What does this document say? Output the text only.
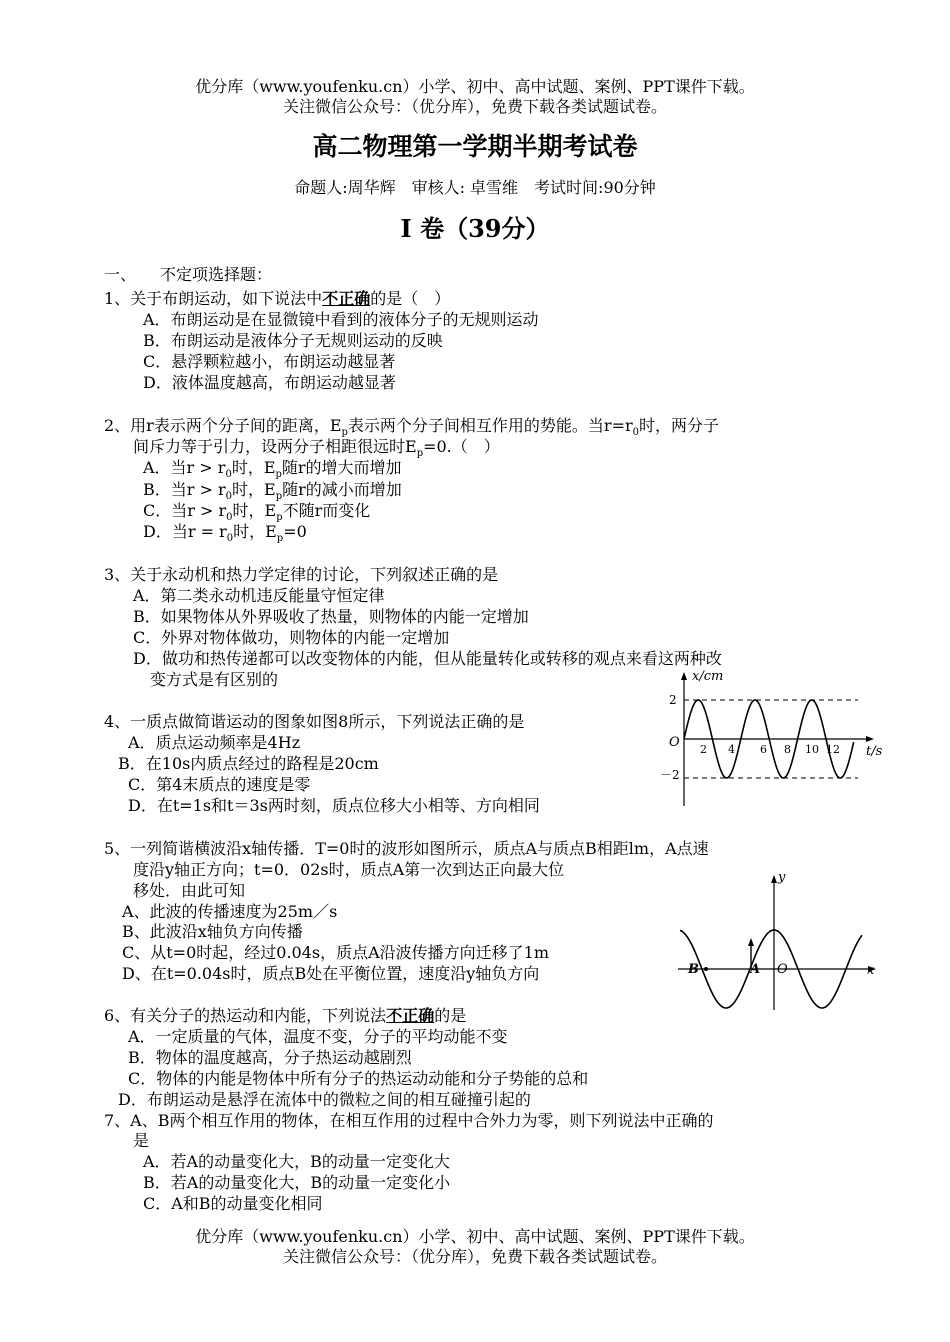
优分库（www.youfenku.cn）小学、初中、高中试题、案例、PPT课件下载。
关注微信公众号：（优分库），免费下载各类试题试卷。
高二物理第一学期半期考试卷
命题人:周华辉　审核人: 卓雪维　考试时间:90分钟
Ⅰ 卷（39分）
一、　　不定项选择题：
1、关于布朗运动，如下说法中不正确的是（　）
A．布朗运动是在显微镜中看到的液体分子的无规则运动
B．布朗运动是液体分子无规则运动的反映
C．悬浮颗粒越小，布朗运动越显著
D．液体温度越高，布朗运动越显著
2、用r表示两个分子间的距离，$E_p$表示两个分子间相互作用的势能。当$r=r_0$时，两分子
间斥力等于引力，设两分子相距很远时$E_p=0$.（　）
A．当$r > r_0$时，$E_p$随r的增大而增加
B．当$r > r_0$时，$E_p$随r的减小而增加
C．当$r > r_0$时，$E_p$不随r而变化
D．当$r = r_0$时，$E_p=0$
3、关于永动机和热力学定律的讨论，下列叙述正确的是
A．第二类永动机违反能量守恒定律
B．如果物体从外界吸收了热量，则物体的内能一定增加
C．外界对物体做功，则物体的内能一定增加
D．做功和热传递都可以改变物体的内能，但从能量转化或转移的观点来看这两种改
变方式是有区别的
4、一质点做简谐运动的图象如图8所示，下列说法正确的是
A．质点运动频率是4Hz
B．在10s内质点经过的路程是20cm
C．第4末质点的速度是零
D．在t=1s和t＝3s两时刻，质点位移大小相等、方向相同
x/cm
t/s
O
2
－2
2 4 6 8 10 12
5、一列简谐横波沿x轴传播．T=0时的波形如图所示，质点A与质点B相距lm，A点速
度沿y轴正方向；t=0．02s时，质点A第一次到达正向最大位
移处．由此可知
A、此波的传播速度为25m／s
B、此波沿x轴负方向传播
C、从t=0时起，经过0.04s，质点A沿波传播方向迁移了1m
D、在t=0.04s时，质点B处在平衡位置，速度沿y轴负方向
y
x
O
A
B
6、有关分子的热运动和内能，下列说法不正确的是
A．一定质量的气体，温度不变，分子的平均动能不变
B．物体的温度越高，分子热运动越剧烈
C．物体的内能是物体中所有分子的热运动动能和分子势能的总和
D．布朗运动是悬浮在流体中的微粒之间的相互碰撞引起的
7、A、B两个相互作用的物体，在相互作用的过程中合外力为零，则下列说法中正确的
是
A．若A的动量变化大，B的动量一定变化大
B．若A的动量变化大，B的动量一定变化小
C．A和B的动量变化相同
优分库（www.youfenku.cn）小学、初中、高中试题、案例、PPT课件下载。
关注微信公众号：（优分库），免费下载各类试题试卷。
